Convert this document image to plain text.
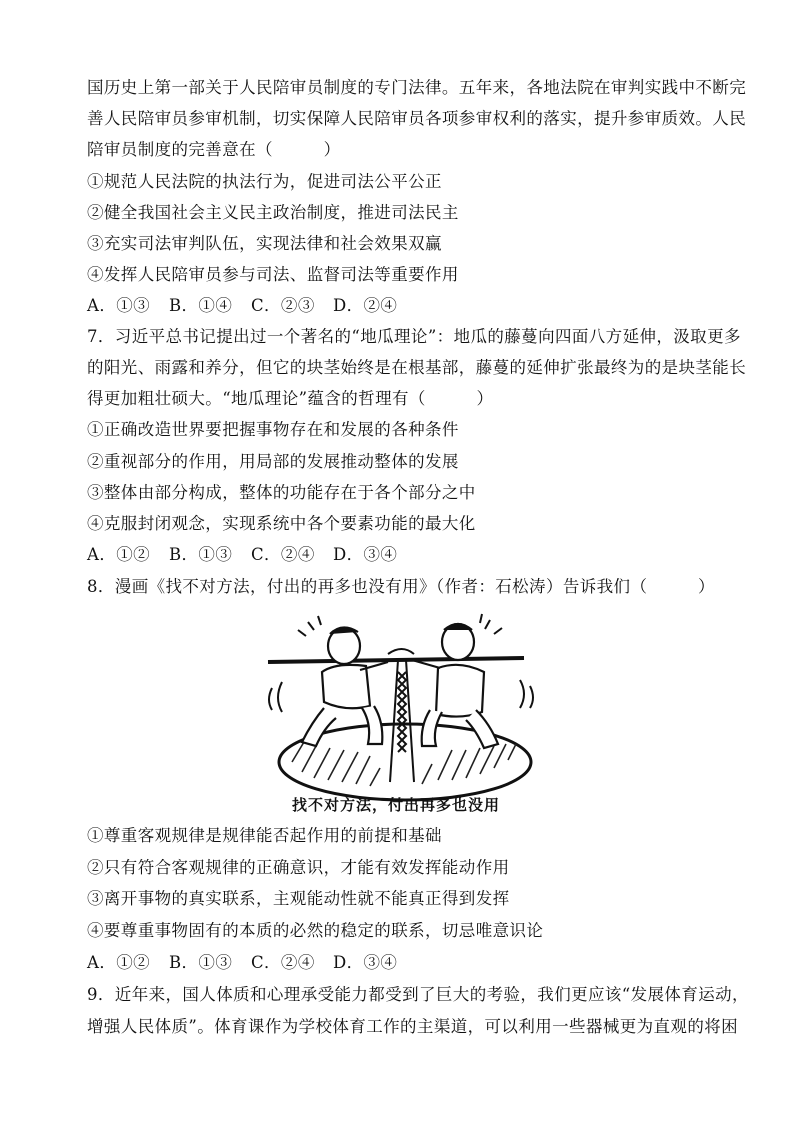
国历史上第一部关于人民陪审员制度的专门法律。五年来，各地法院在审判实践中不断完
善人民陪审员参审机制，切实保障人民陪审员各项参审权利的落实，提升参审质效。人民
陪审员制度的完善意在（　　　）
①规范人民法院的执法行为，促进司法公平公正
②健全我国社会主义民主政治制度，推进司法民主
③充实司法审判队伍，实现法律和社会效果双赢
④发挥人民陪审员参与司法、监督司法等重要作用
A．①③ B．①④ C．②③ D．②④
7．习近平总书记提出过一个著名的“地瓜理论”：地瓜的藤蔓向四面八方延伸，汲取更多
的阳光、雨露和养分，但它的块茎始终是在根基部，藤蔓的延伸扩张最终为的是块茎能长
得更加粗壮硕大。“地瓜理论”蕴含的哲理有（　　　）
①正确改造世界要把握事物存在和发展的各种条件
②重视部分的作用，用局部的发展推动整体的发展
③整体由部分构成，整体的功能存在于各个部分之中
④克服封闭观念，实现系统中各个要素功能的最大化
A．①② B．①③ C．②④ D．③④
8．漫画《找不对方法，付出的再多也没有用》（作者：石松涛）告诉我们（　　　）
找不对方法，付出再多也没用
①尊重客观规律是规律能否起作用的前提和基础
②只有符合客观规律的正确意识，才能有效发挥能动作用
③离开事物的真实联系，主观能动性就不能真正得到发挥
④要尊重事物固有的本质的必然的稳定的联系，切忌唯意识论
A．①② B．①③ C．②④ D．③④
9．近年来，国人体质和心理承受能力都受到了巨大的考验，我们更应该“发展体育运动，
增强人民体质”。体育课作为学校体育工作的主渠道，可以利用一些器械更为直观的将困
